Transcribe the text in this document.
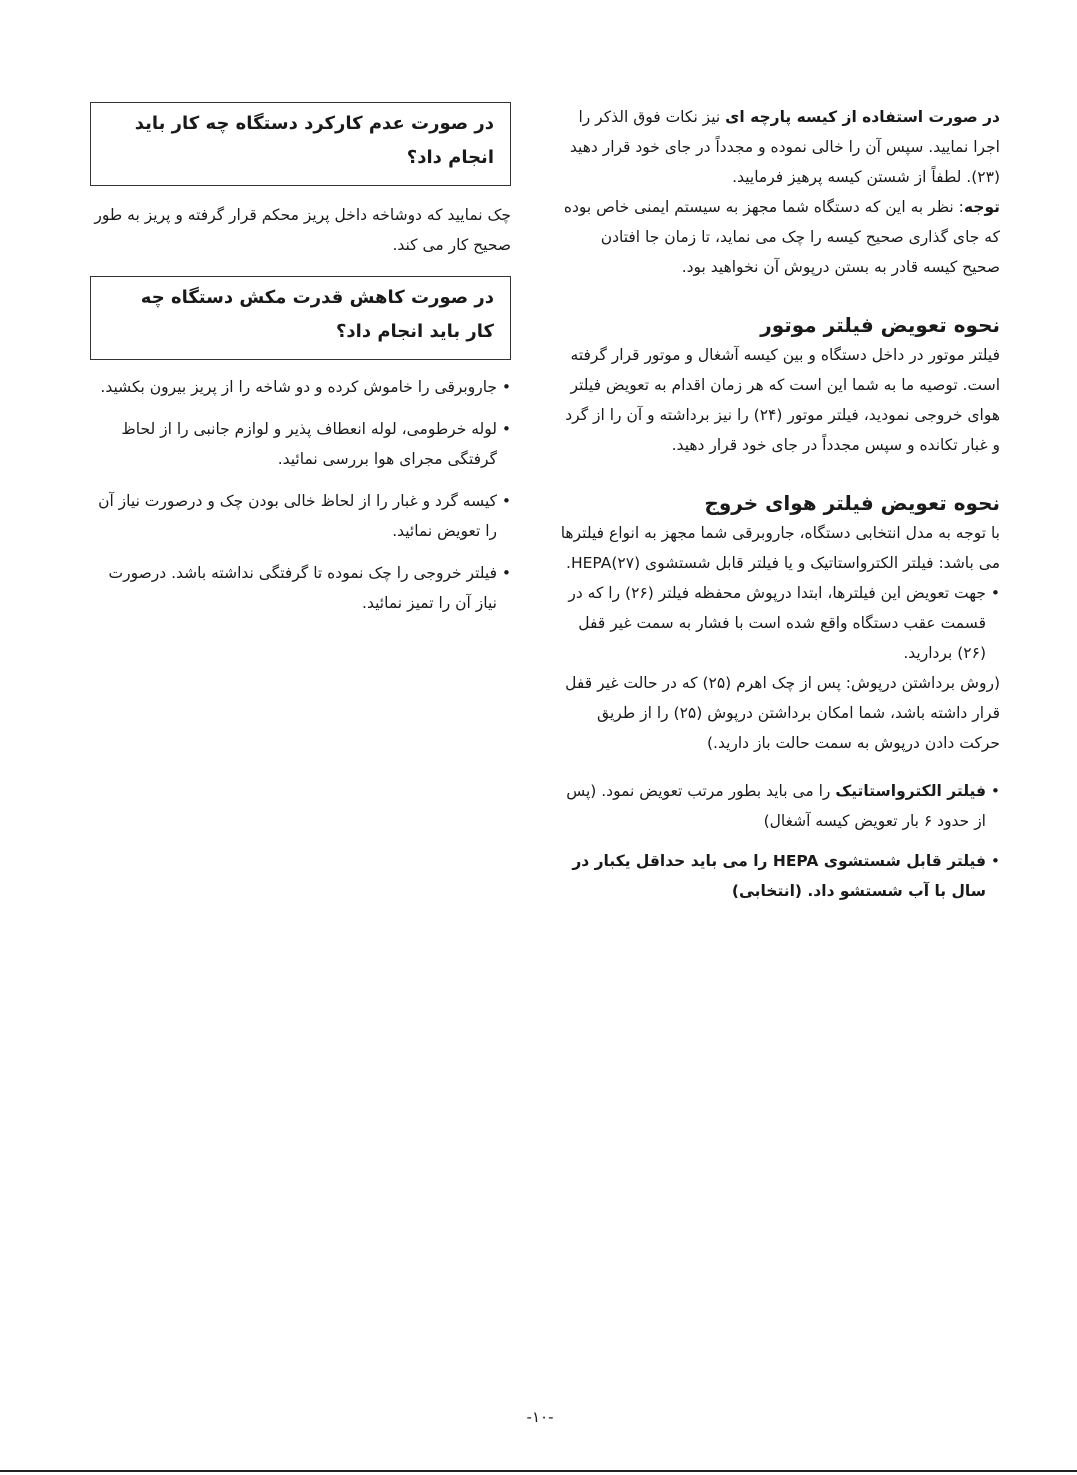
در صورت استفاده از کیسه پارچه ای نیز نکات فوق الذکر را اجرا نمایید. سپس آن را خالی نموده و مجدداً در جای خود قرار دهید (۲۳). لطفاً از شستن کیسه پرهیز فرمایید.

توجه: نظر به این که دستگاه شما مجهز به سیستم ایمنی خاص بوده که جای گذاری صحیح کیسه را چک می نماید، تا زمان جا افتادن صحیح کیسه قادر به بستن درپوش آن نخواهید بود.

نحوه تعویض فیلتر موتور

فیلتر موتور در داخل دستگاه و بین کیسه آشغال و موتور قرار گرفته است. توصیه ما به شما این است که هر زمان اقدام به تعویض فیلتر هوای خروجی نمودید، فیلتر موتور (۲۴) را نیز برداشته و آن را از گرد و غبار تکانده و سپس مجدداً در جای خود قرار دهید.

نحوه تعویض فیلتر هوای خروج

با توجه به مدل انتخابی دستگاه، جاروبرقی شما مجهز به انواع فیلترها می باشد: فیلتر الکترواستاتیک و یا فیلتر قابل شستشوی HEPA(۲۷).

• جهت تعویض این فیلترها، ابتدا درپوش محفظه فیلتر (۲۶) را که در قسمت عقب دستگاه واقع شده است با فشار به سمت غیر قفل (۲۶) بردارید.

(روش برداشتن درپوش: پس از چک اهرم (۲۵) که در حالت غیر قفل قرار داشته باشد، شما امکان برداشتن درپوش (۲۵) را از طریق حرکت دادن درپوش به سمت حالت باز دارید.)

• فیلتر الکترواستاتیک را می باید بطور مرتب تعویض نمود. (پس از حدود ۶ بار تعویض کیسه آشغال)
• فیلتر قابل شستشوی HEPA را می باید حداقل یکبار در سال با آب شستشو داد. (انتخابی)
در صورت عدم کارکرد دستگاه چه کار باید انجام داد؟

چک نمایید که دوشاخه داخل پریز محکم قرار گرفته و پریز به طور صحیح کار می کند.

در صورت کاهش قدرت مکش دستگاه چه کار باید انجام داد؟
• جاروبرقی را خاموش کرده و دو شاخه را از پریز بیرون بکشید.
• لوله خرطومی، لوله انعطاف پذیر و لوازم جانبی را از لحاظ گرفتگی مجرای هوا بررسی نمائید.
• کیسه گرد و غبار را از لحاظ خالی بودن چک و درصورت نیاز آن را تعویض نمائید.
• فیلتر خروجی را چک نموده تا گرفتگی نداشته باشد. درصورت نیاز آن را تمیز نمائید.
-۱۰-
